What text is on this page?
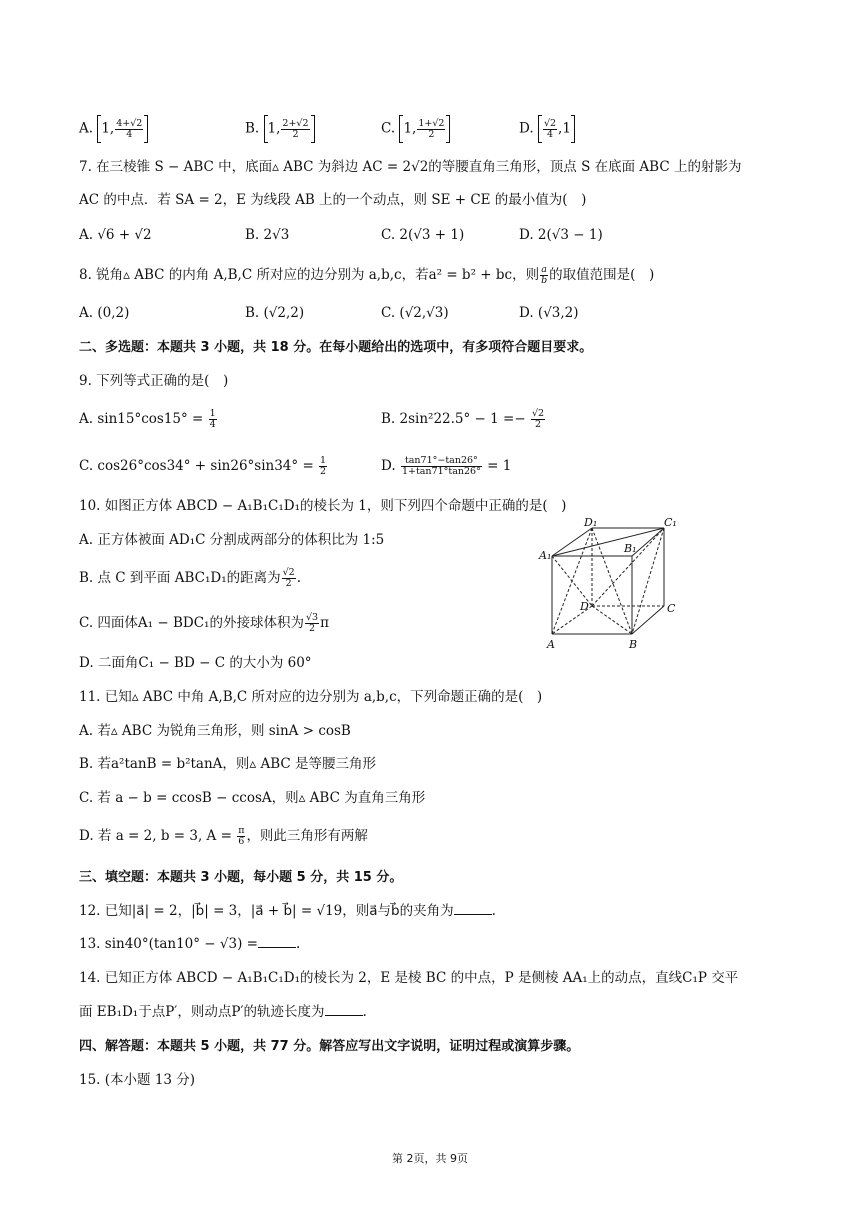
A. 1, $\frac{4+√2}{4}$	B. 1, $\frac{2+√2}{2}$	C. 1, $\frac{1+√2}{2}$	D. $\frac{√2}{4} ,1$
7. 在三棱锥 S − ABC 中，底面▵ ABC 为斜边 AC = 2√2的等腰直角三角形，顶点 S 在底面 ABC 上的射影为
AC 的中点．若 SA = 2，E 为线段 AB 上的一个动点，则 SE + CE 的最小值为(　)
A. √6 + √2	B. 2√3	C. 2(√3 + 1)	D. 2(√3 − 1)
8. 锐角▵ ABC 的内角 A,B,C 所对应的边分别为 a,b,c，若a² = b² + bc，则 $\frac{a}{b}$ 的取值范围是(　)
A. (0,2)	B. (√2,2)	C. (√2,√3)	D. (√3,2)
二、多选题：本题共 3 小题，共 18 分。在每小题给出的选项中，有多项符合题目要求。
9. 下列等式正确的是(　)
A. $\sin 15^\circ\cos 15^\circ = \frac{1}{4}$	B. $2\sin^222.5^\circ - 1 =- \frac{√2}{2}$
C. $\cos 26^\circ\cos 34^\circ + \sin 26^\circ\sin 34^\circ = \frac{1}{2}$	D. $\frac{\tan 71^\circ-\tan 26^\circ}{1+\tan 71^\circ\tan 26^\circ} = 1$
10. 如图正方体 ABCD − A₁B₁C₁D₁的棱长为 1，则下列四个命题中正确的是(　)
A. 正方体被面 AD₁C 分割成两部分的体积比为 1:5
B. 点 C 到平面 ABC₁D₁的距离为 $\frac{√2}{2}$ .
C. 四面体A₁ − BDC₁的外接球体积为 $\frac{√3}{2}$ π
D. 二面角C₁ − BD − C 的大小为 60°
D₁	C₁
A₁
B₁
D	C
A	B
11. 已知▵ ABC 中角 A,B,C 所对应的边分别为 a,b,c，下列命题正确的是(　)
A. 若▵ ABC 为锐角三角形，则 sinA > cosB
B. 若a²tanB = b²tanA，则▵ ABC 是等腰三角形
C. 若 a − b = ccosB − ccosA，则▵ ABC 为直角三角形
D. 若 a = 2, b = 3, $A = \frac{\pi}{6}$ ，则此三角形有两解
三、填空题：本题共 3 小题，每小题 5 分，共 15 分。
12. 已知|a⃗| = 2，|b⃗| = 3，|a⃗ + b⃗| = √19，则a⃗与b⃗的夹角为	.
13. sin40°(tan10° − √3) =	.
14. 已知正方体 ABCD − A₁B₁C₁D₁的棱长为 2，E 是棱 BC 的中点，P 是侧棱 AA₁上的动点，直线C₁P 交平
面 EB₁D₁于点P′，则动点P′的轨迹长度为	.
四、解答题：本题共 5 小题，共 77 分。解答应写出文字说明，证明过程或演算步骤。
15. (本小题 13 分)
第 2页，共 9页
